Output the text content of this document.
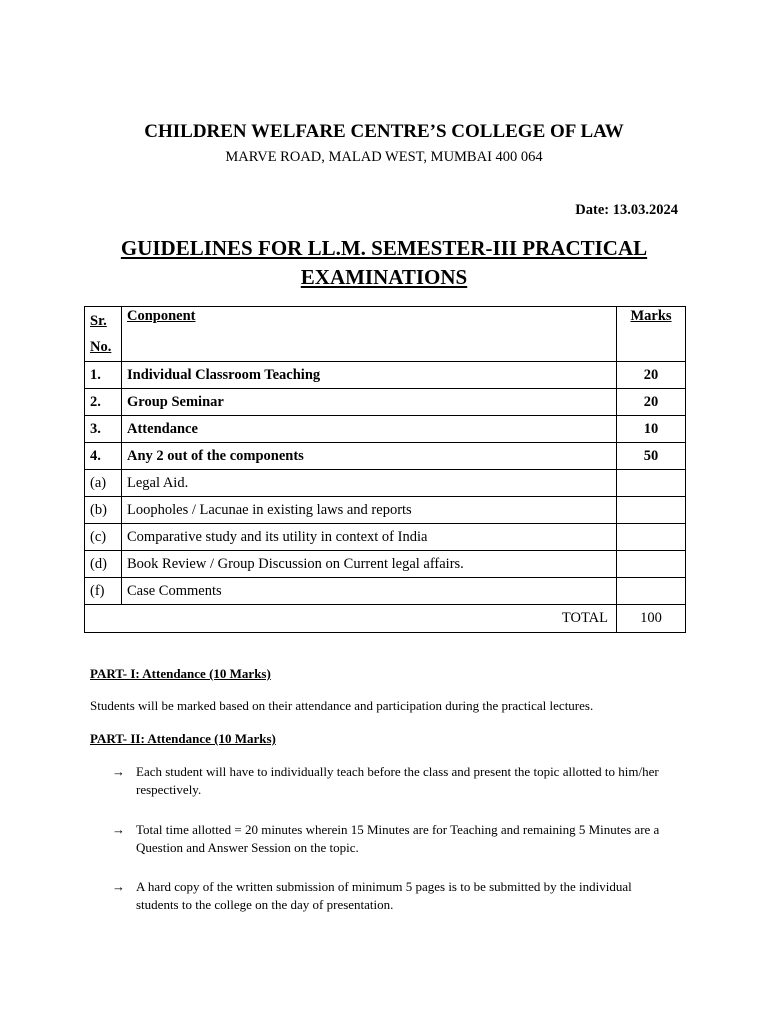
CHILDREN WELFARE CENTRE’S COLLEGE OF LAW
MARVE ROAD, MALAD WEST, MUMBAI 400 064
Date: 13.03.2024
GUIDELINES FOR LL.M. SEMESTER-III PRACTICAL
EXAMINATIONS
Sr.
No.	Conponent	Marks
1.	Individual Classroom Teaching	20
2.	Group Seminar	20
3.	Attendance	10
4.	Any 2 out of the components	50
(a)	Legal Aid.	
(b)	Loopholes / Lacunae in existing laws and reports	
(c)	Comparative study and its utility in context of India	
(d)	Book Review / Group Discussion on Current legal affairs.	
(f)	Case Comments	
TOTAL		100
PART- I: Attendance (10 Marks)
Students will be marked based on their attendance and participation during the practical lectures.
PART- II: Attendance (10 Marks)
→ Each student will have to individually teach before the class and present the topic allotted to him/her respectively.
→ Total time allotted = 20 minutes wherein 15 Minutes are for Teaching and remaining 5 Minutes are a Question and Answer Session on the topic.
→ A hard copy of the written submission of minimum 5 pages is to be submitted by the individual students to the college on the day of presentation.
